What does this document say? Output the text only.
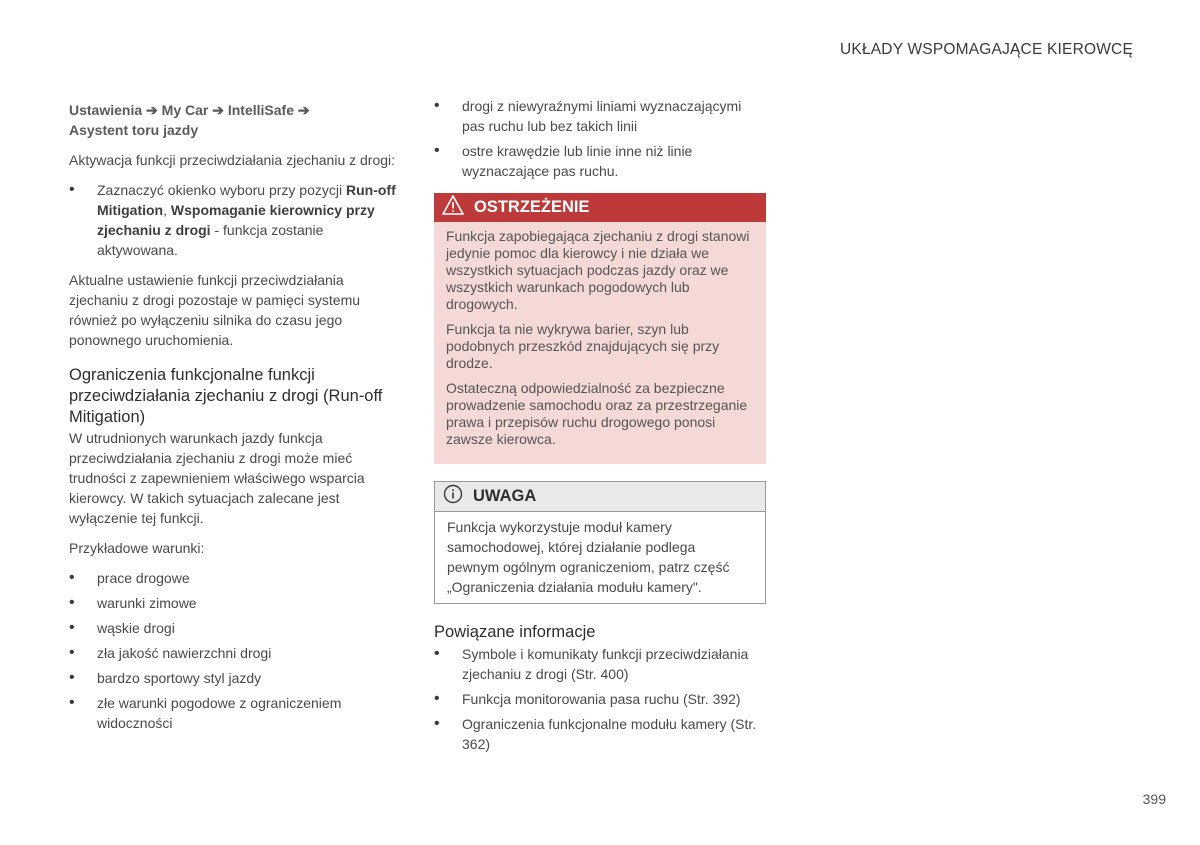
UKŁADY WSPOMAGAJĄCE KIEROWCĘ
Ustawienia ➔ My Car ➔ IntelliSafe ➔
Asystent toru jazdy

Aktywacja funkcji przeciwdziałania zjechaniu z drogi:

• Zaznaczyć okienko wyboru przy pozycji Run-off Mitigation, Wspomaganie kierownicy przy zjechaniu z drogi - funkcja zostanie aktywowana.

Aktualne ustawienie funkcji przeciwdziałania zjechaniu z drogi pozostaje w pamięci systemu również po wyłączeniu silnika do czasu jego ponownego uruchomienia.

Ograniczenia funkcjonalne funkcji przeciwdziałania zjechaniu z drogi (Run-off Mitigation)

W utrudnionych warunkach jazdy funkcja przeciwdziałania zjechaniu z drogi może mieć trudności z zapewnieniem właściwego wsparcia kierowcy. W takich sytuacjach zalecane jest wyłączenie tej funkcji.

Przykładowe warunki:

• prace drogowe
• warunki zimowe
• wąskie drogi
• zła jakość nawierzchni drogi
• bardzo sportowy styl jazdy
• złe warunki pogodowe z ograniczeniem widoczności
• drogi z niewyraźnymi liniami wyznaczającymi pas ruchu lub bez takich linii
• ostre krawędzie lub linie inne niż linie wyznaczające pas ruchu.
OSTRZEŻENIE

Funkcja zapobiegająca zjechaniu z drogi stanowi jedynie pomoc dla kierowcy i nie działa we wszystkich sytuacjach podczas jazdy oraz we wszystkich warunkach pogodowych lub drogowych.

Funkcja ta nie wykrywa barier, szyn lub podobnych przeszkód znajdujących się przy drodze.

Ostateczną odpowiedzialność za bezpieczne prowadzenie samochodu oraz za przestrzeganie prawa i przepisów ruchu drogowego ponosi zawsze kierowca.

UWAGA

Funkcja wykorzystuje moduł kamery samochodowej, której działanie podlega pewnym ogólnym ograniczeniom, patrz część „Ograniczenia działania modułu kamery".

Powiązane informacje
• Symbole i komunikaty funkcji przeciwdziałania zjechaniu z drogi (Str. 400)
• Funkcja monitorowania pasa ruchu (Str. 392)
• Ograniczenia funkcjonalne modułu kamery (Str. 362)
399
